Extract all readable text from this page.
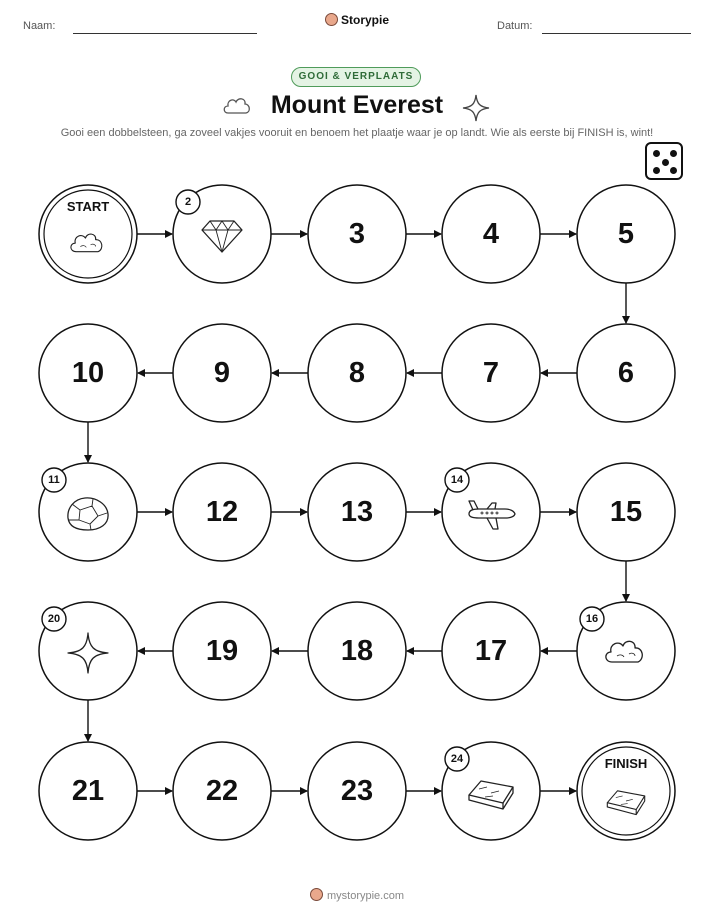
Naam:	Storypie	Datum:
GOOI & VERPLAATS
Mount Everest
Gooi een dobbelsteen, ga zoveel vakjes vooruit en benoem het plaatje waar je op landt. Wie als eerste bij FINISH is, wint!
START	2
3	4	5
6
7
8
9
10
11
12	13
14
15
16
17
18
19
20
21	22	23
24	FINISH
mystorypie.com
